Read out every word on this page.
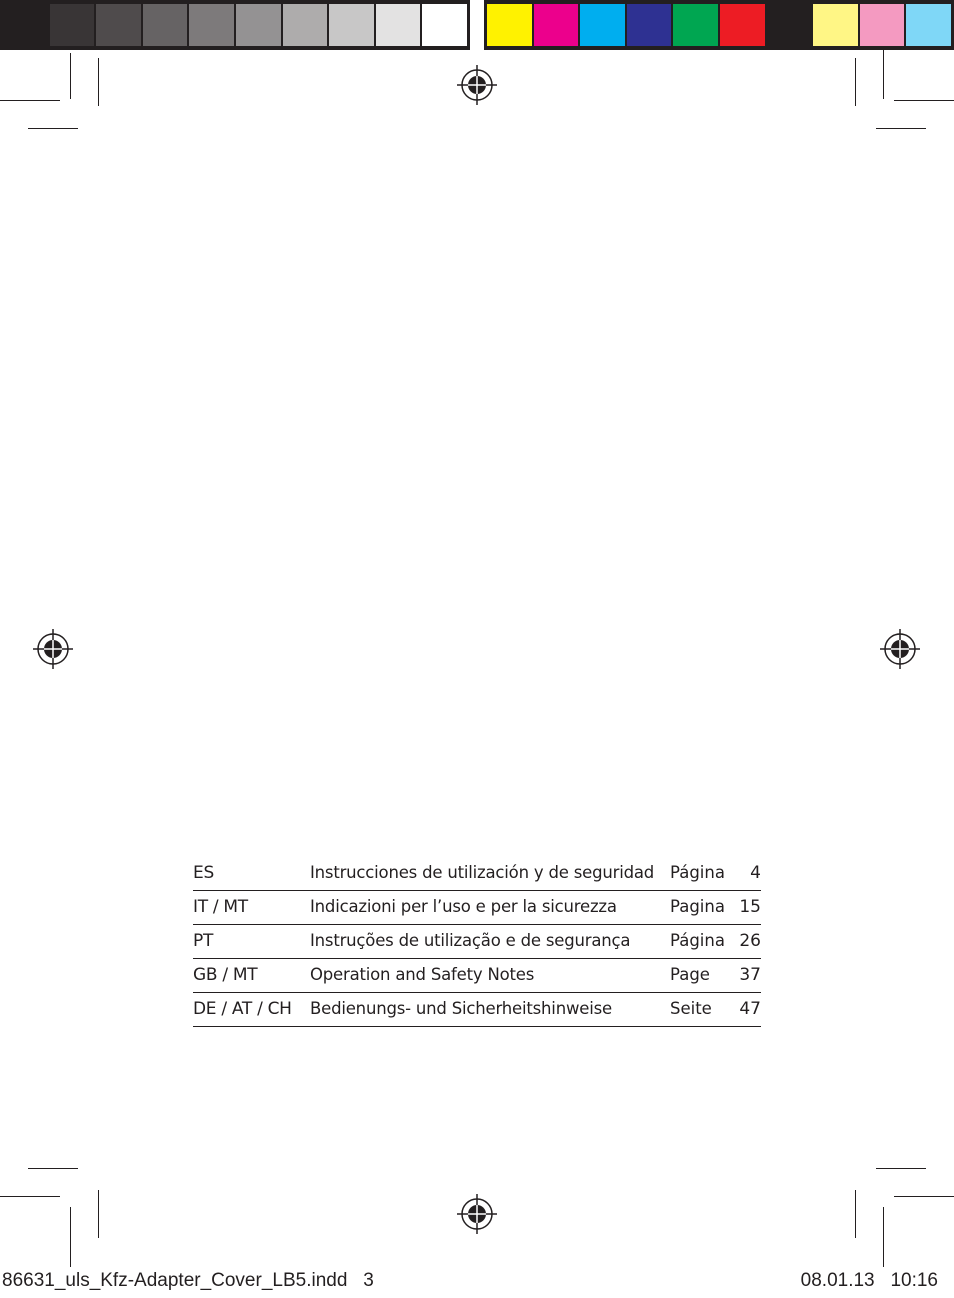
ES	Instrucciones de utilización y de seguridad	Página	4
IT / MT	Indicazioni per l’uso e per la sicurezza	Pagina	15
PT	Instruções de utilização e de segurança	Página	26
GB / MT	Operation and Safety Notes	Page	37
DE / AT / CH	Bedienungs- und Sicherheitshinweise	Seite	47
86631_uls_Kfz-Adapter_Cover_LB5.indd   3	08.01.13   10:16
